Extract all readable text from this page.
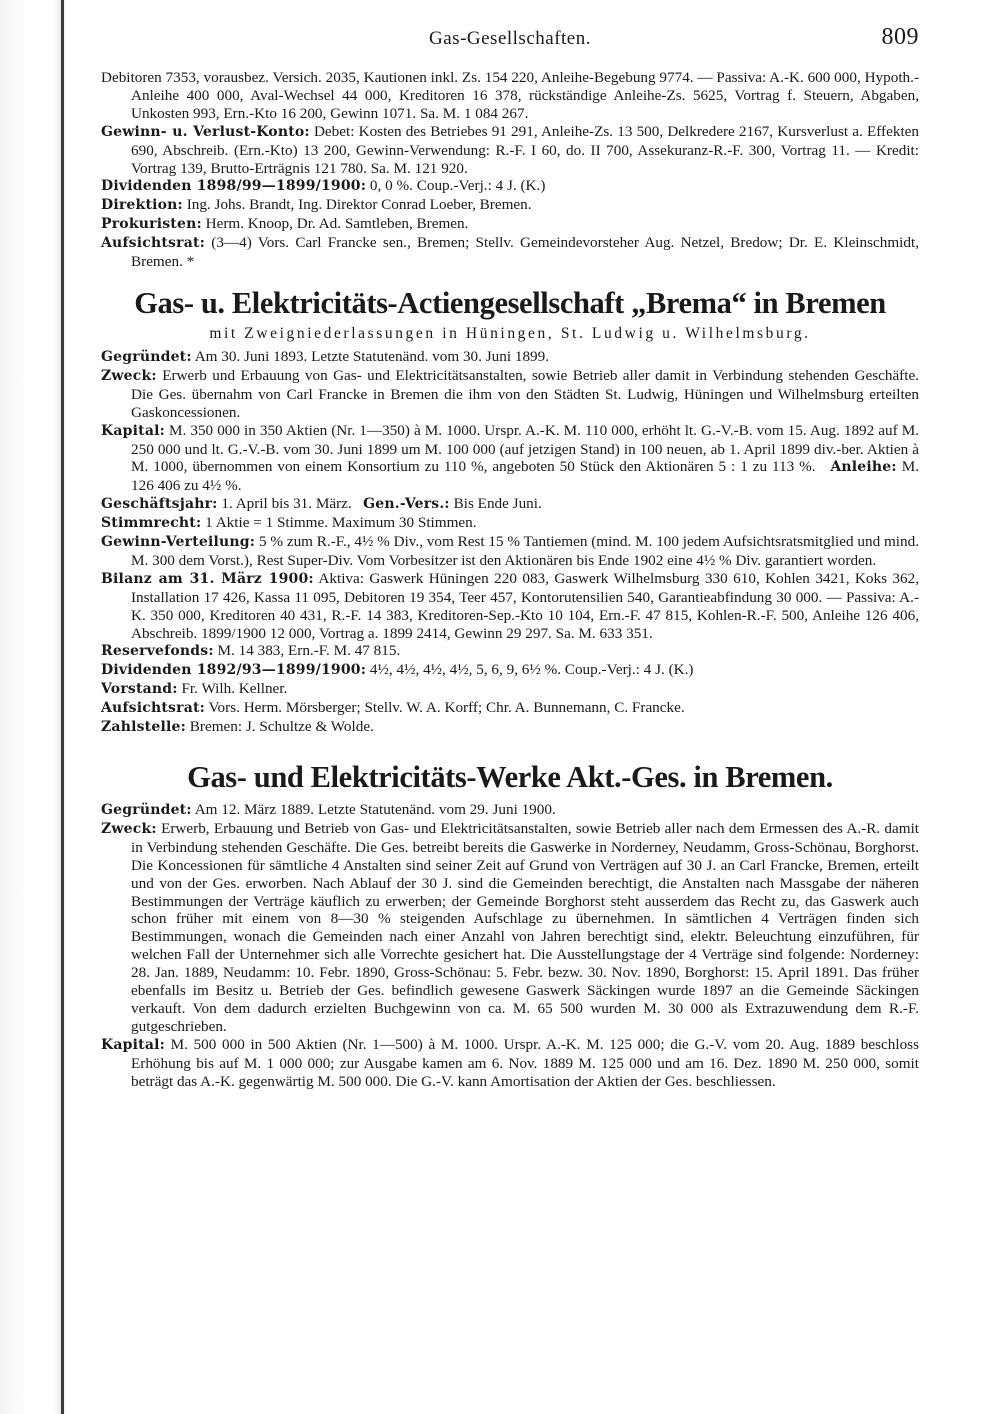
Gas-Gesellschaften.	809

Debitoren 7353, vorausbez. Versich. 2035, Kautionen inkl. Zs. 154 220, Anleihe-Begebung 9774. — Passiva: A.-K. 600 000, Hypoth.-Anleihe 400 000, Aval-Wechsel 44 000, Kreditoren 16 378, rückständige Anleihe-Zs. 5625, Vortrag f. Steuern, Abgaben, Unkosten 993, Ern.-Kto 16 200, Gewinn 1071. Sa. M. 1 084 267.

Gewinn- u. Verlust-Konto: Debet: Kosten des Betriebes 91 291, Anleihe-Zs. 13 500, Delkredere 2167, Kursverlust a. Effekten 690, Abschreib. (Ern.-Kto) 13 200, Gewinn-Verwendung: R.-F. I 60, do. II 700, Assekuranz-R.-F. 300, Vortrag 11. — Kredit: Vortrag 139, Brutto-Erträgnis 121 780. Sa. M. 121 920.

Dividenden 1898/99—1899/1900: 0, 0 %. Coup.-Verj.: 4 J. (K.)

Direktion: Ing. Johs. Brandt, Ing. Direktor Conrad Loeber, Bremen.

Prokuristen: Herm. Knoop, Dr. Ad. Samtleben, Bremen.

Aufsichtsrat: (3—4) Vors. Carl Francke sen., Bremen; Stellv. Gemeindevorsteher Aug. Netzel, Bredow; Dr. E. Kleinschmidt, Bremen. *

Gas- u. Elektricitäts-Actiengesellschaft „Brema“ in Bremen
mit Zweigniederlassungen in Hüningen, St. Ludwig u. Wilhelmsburg.

Gegründet: Am 30. Juni 1893. Letzte Statutenänd. vom 30. Juni 1899.

Zweck: Erwerb und Erbauung von Gas- und Elektricitätsanstalten, sowie Betrieb aller damit in Verbindung stehenden Geschäfte. Die Ges. übernahm von Carl Francke in Bremen die ihm von den Städten St. Ludwig, Hüningen und Wilhelmsburg erteilten Gaskoncessionen.

Kapital: M. 350 000 in 350 Aktien (Nr. 1—350) à M. 1000. Urspr. A.-K. M. 110 000, erhöht lt. G.-V.-B. vom 15. Aug. 1892 auf M. 250 000 und lt. G.-V.-B. vom 30. Juni 1899 um M. 100 000 (auf jetzigen Stand) in 100 neuen, ab 1. April 1899 div.-ber. Aktien à M. 1000, übernommen von einem Konsortium zu 110 %, angeboten 50 Stück den Aktionären 5 : 1 zu 113 %. Anleihe: M. 126 406 zu 4½ %.

Geschäftsjahr: 1. April bis 31. März. Gen.-Vers.: Bis Ende Juni.

Stimmrecht: 1 Aktie = 1 Stimme. Maximum 30 Stimmen.

Gewinn-Verteilung: 5 % zum R.-F., 4½ % Div., vom Rest 15 % Tantiemen (mind. M. 100 jedem Aufsichtsratsmitglied und mind. M. 300 dem Vorst.), Rest Super-Div. Vom Vorbesitzer ist den Aktionären bis Ende 1902 eine 4½ % Div. garantiert worden.

Bilanz am 31. März 1900: Aktiva: Gaswerk Hüningen 220 083, Gaswerk Wilhelmsburg 330 610, Kohlen 3421, Koks 362, Installation 17 426, Kassa 11 095, Debitoren 19 354, Teer 457, Kontorutensilien 540, Garantieabfindung 30 000. — Passiva: A.-K. 350 000, Kreditoren 40 431, R.-F. 14 383, Kreditoren-Sep.-Kto 10 104, Ern.-F. 47 815, Kohlen-R.-F. 500, Anleihe 126 406, Abschreib. 1899/1900 12 000, Vortrag a. 1899 2414, Gewinn 29 297. Sa. M. 633 351.

Reservefonds: M. 14 383, Ern.-F. M. 47 815.

Dividenden 1892/93—1899/1900: 4½, 4½, 4½, 4½, 5, 6, 9, 6½ %. Coup.-Verj.: 4 J. (K.)

Vorstand: Fr. Wilh. Kellner.

Aufsichtsrat: Vors. Herm. Mörsberger; Stellv. W. A. Korff; Chr. A. Bunnemann, C. Francke.

Zahlstelle: Bremen: J. Schultze & Wolde.

Gas- und Elektricitäts-Werke Akt.-Ges. in Bremen.

Gegründet: Am 12. März 1889. Letzte Statutenänd. vom 29. Juni 1900.

Zweck: Erwerb, Erbauung und Betrieb von Gas- und Elektricitätsanstalten, sowie Betrieb aller nach dem Ermessen des A.-R. damit in Verbindung stehenden Geschäfte. Die Ges. betreibt bereits die Gaswerke in Norderney, Neudamm, Gross-Schönau, Borghorst. Die Koncessionen für sämtliche 4 Anstalten sind seiner Zeit auf Grund von Verträgen auf 30 J. an Carl Francke, Bremen, erteilt und von der Ges. erworben. Nach Ablauf der 30 J. sind die Gemeinden berechtigt, die Anstalten nach Massgabe der näheren Bestimmungen der Verträge käuflich zu erwerben; der Gemeinde Borghorst steht ausserdem das Recht zu, das Gaswerk auch schon früher mit einem von 8—30 % steigenden Aufschlage zu übernehmen. In sämtlichen 4 Verträgen finden sich Bestimmungen, wonach die Gemeinden nach einer Anzahl von Jahren berechtigt sind, elektr. Beleuchtung einzuführen, für welchen Fall der Unternehmer sich alle Vorrechte gesichert hat. Die Ausstellungstage der 4 Verträge sind folgende: Norderney: 28. Jan. 1889, Neudamm: 10. Febr. 1890, Gross-Schönau: 5. Febr. bezw. 30. Nov. 1890, Borghorst: 15. April 1891. Das früher ebenfalls im Besitz u. Betrieb der Ges. befindlich gewesene Gaswerk Säckingen wurde 1897 an die Gemeinde Säckingen verkauft. Von dem dadurch erzielten Buchgewinn von ca. M. 65 500 wurden M. 30 000 als Extrazuwendung dem R.-F. gutgeschrieben.

Kapital: M. 500 000 in 500 Aktien (Nr. 1—500) à M. 1000. Urspr. A.-K. M. 125 000; die G.-V. vom 20. Aug. 1889 beschloss Erhöhung bis auf M. 1 000 000; zur Ausgabe kamen am 6. Nov. 1889 M. 125 000 und am 16. Dez. 1890 M. 250 000, somit beträgt das A.-K. gegenwärtig M. 500 000. Die G.-V. kann Amortisation der Aktien der Ges. beschliessen.
